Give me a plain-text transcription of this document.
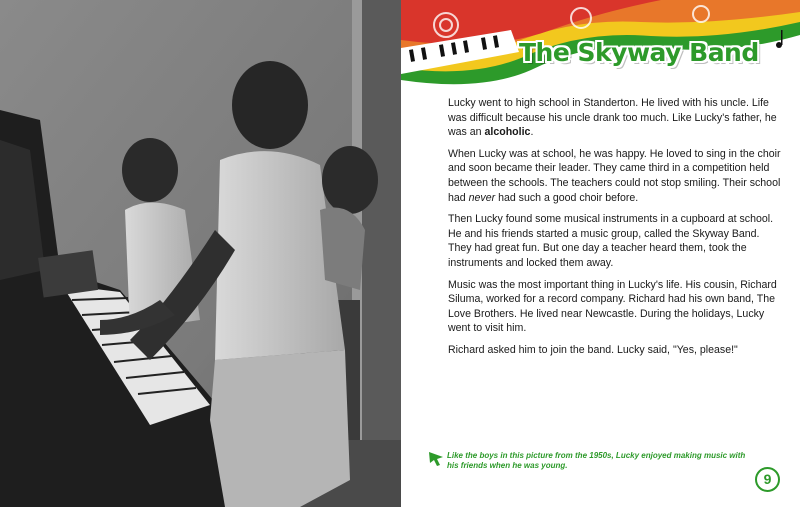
The Skyway Band

Lucky went to high school in Standerton. He lived with his uncle. Life was difficult because his uncle drank too much. Like Lucky's father, he was an alcoholic.

When Lucky was at school, he was happy. He loved to sing in the choir and soon became their leader. They came third in a competition held between the schools. The teachers could not stop smiling. Their school had never had such a good choir before.

Then Lucky found some musical instruments in a cupboard at school. He and his friends started a music group, called the Skyway Band. They had great fun. But one day a teacher heard them, took the instruments and locked them away.

Music was the most important thing in Lucky's life. His cousin, Richard Siluma, worked for a record company. Richard had his own band, The Love Brothers. He lived near Newcastle. During the holidays, Lucky went to visit him.

Richard asked him to join the band. Lucky said, "Yes, please!"

Like the boys in this picture from the 1950s, Lucky enjoyed making music with his friends when he was young.
9
